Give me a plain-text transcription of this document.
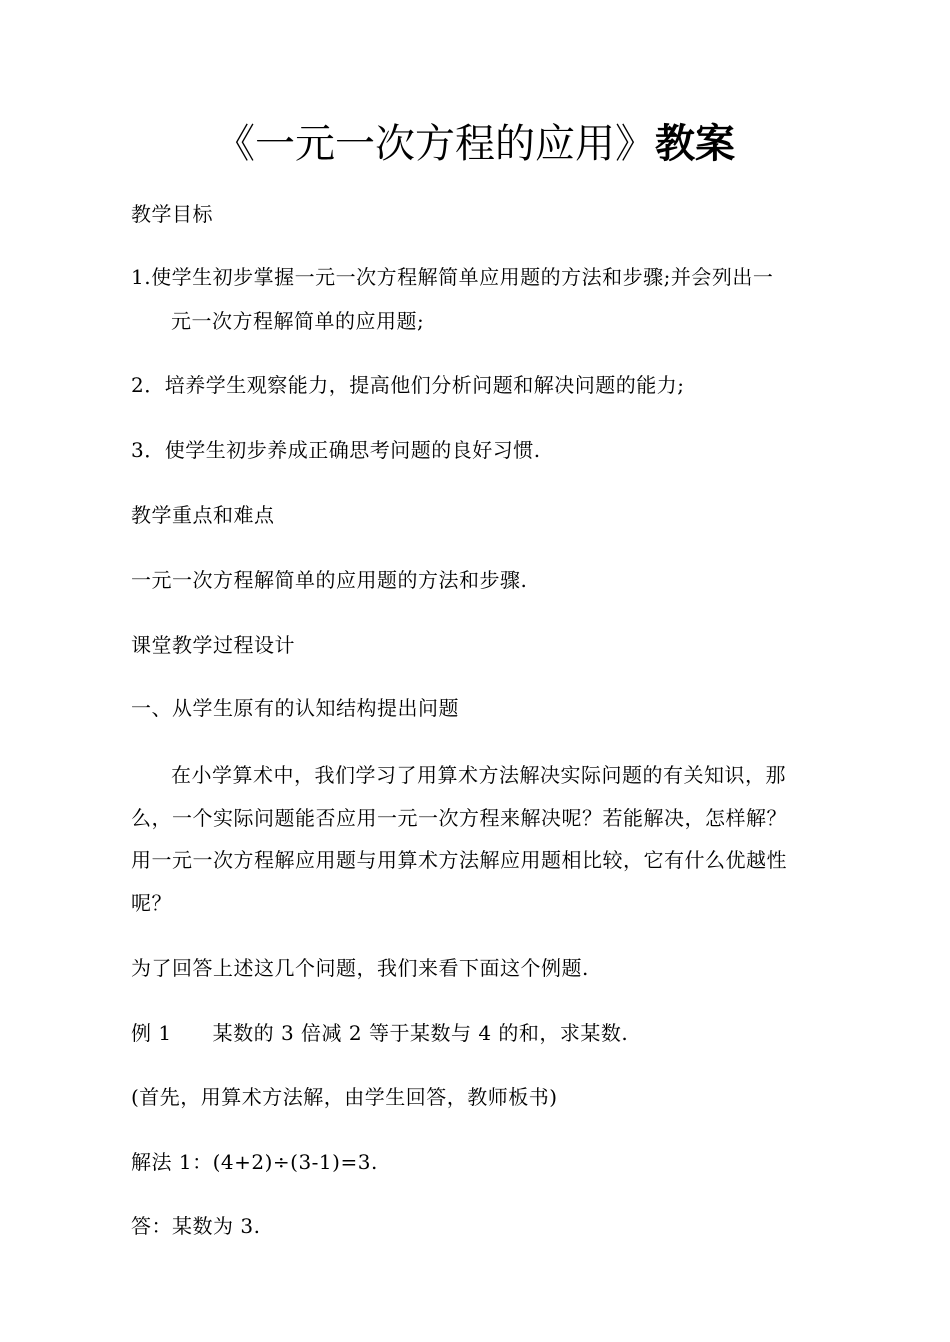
《一元一次方程的应用》教案
教学目标
1.使学生初步掌握一元一次方程解简单应用题的方法和步骤;并会列出一
元一次方程解简单的应用题;
2．培养学生观察能力，提高他们分析问题和解决问题的能力;
3．使学生初步养成正确思考问题的良好习惯.
教学重点和难点
一元一次方程解简单的应用题的方法和步骤.
课堂教学过程设计
一、从学生原有的认知结构提出问题
在小学算术中，我们学习了用算术方法解决实际问题的有关知识，那
么，一个实际问题能否应用一元一次方程来解决呢？若能解决，怎样解？
用一元一次方程解应用题与用算术方法解应用题相比较，它有什么优越性
呢？
为了回答上述这几个问题，我们来看下面这个例题.
例 1　　某数的 3 倍减 2 等于某数与 4 的和，求某数.
(首先，用算术方法解，由学生回答，教师板书)
解法 1：(4+2)÷(3-1)=3.
答：某数为 3.
